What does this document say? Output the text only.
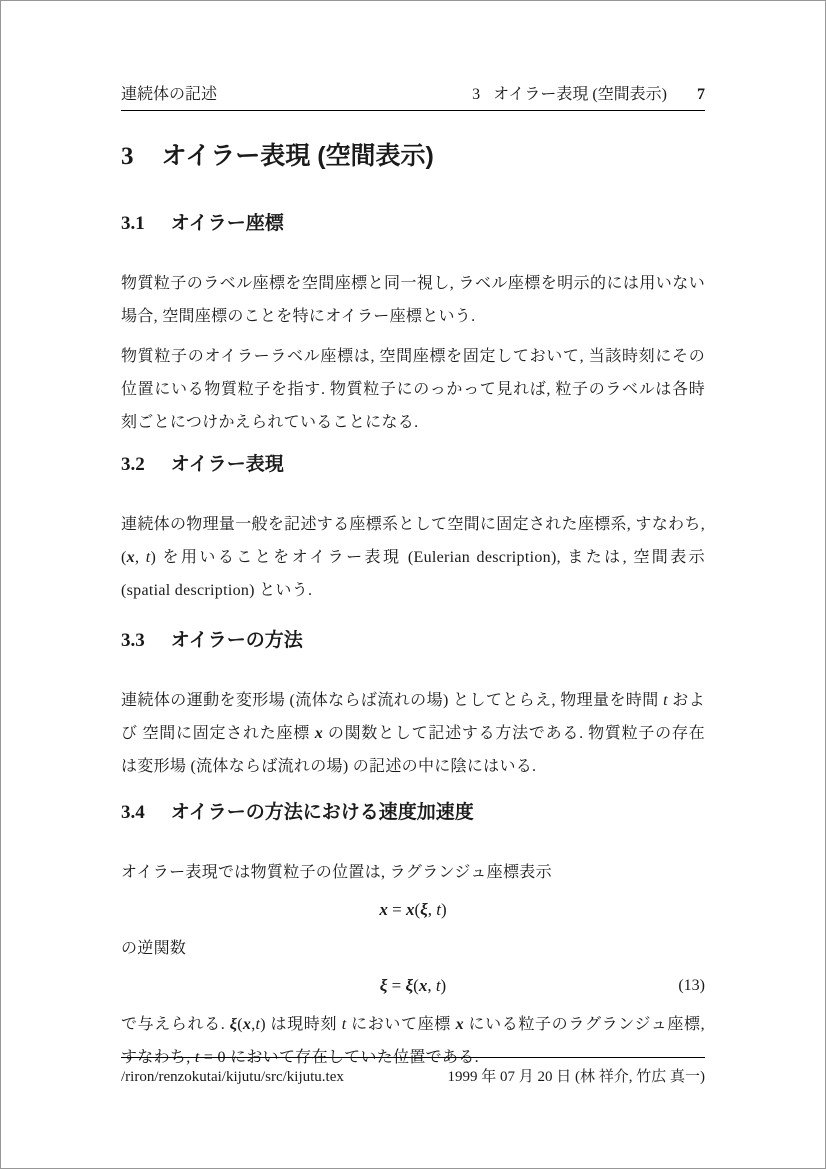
連続体の記述	3 オイラー表現 (空間表示) 7
3 オイラー表現 (空間表示)
3.1 オイラー座標

物質粒子のラベル座標を空間座標と同一視し, ラベル座標を明示的には用いない場合, 空間座標のことを特にオイラー座標という.

物質粒子のオイラーラベル座標は, 空間座標を固定しておいて, 当該時刻にその位置にいる物質粒子を指す. 物質粒子にのっかって見れば, 粒子のラベルは各時刻ごとにつけかえられていることになる.

3.2 オイラー表現

連続体の物理量一般を記述する座標系として空間に固定された座標系, すなわち, (x, t) を用いることをオイラー表現 (Eulerian description), または, 空間表示 (spatial description) という.

3.3 オイラーの方法

連続体の運動を変形場 (流体ならば流れの場) としてとらえ, 物理量を時間 t および 空間に固定された座標 x の関数として記述する方法である. 物質粒子の存在は変形場 (流体ならば流れの場) の記述の中に陰にはいる.

3.4 オイラーの方法における速度加速度

オイラー表現では物質粒子の位置は, ラグランジュ座標表示

x = x(ξ, t)

の逆関数

ξ = ξ(x, t)	(13)

で与えられる. ξ(x,t) は現時刻 t において座標 x にいる粒子のラグランジュ座標, すなわち, t = 0 において存在していた位置である.

/riron/renzokutai/kijutu/src/kijutu.tex	1999 年 07 月 20 日 (林 祥介, 竹広 真一)
